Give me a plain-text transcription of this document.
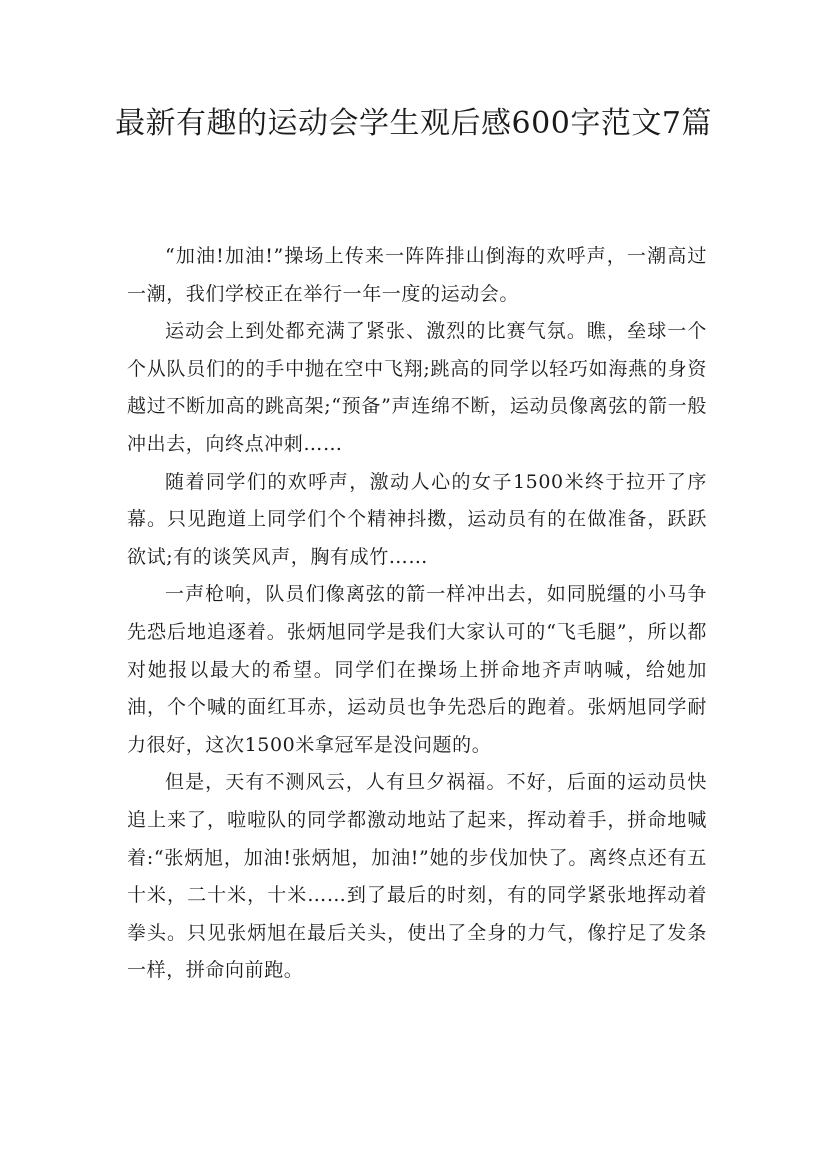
最新有趣的运动会学生观后感600字范文7篇

“加油!加油!”操场上传来一阵阵排山倒海的欢呼声，一潮高过一潮，我们学校正在举行一年一度的运动会。

运动会上到处都充满了紧张、激烈的比赛气氛。瞧，垒球一个个从队员们的的手中抛在空中飞翔;跳高的同学以轻巧如海燕的身资越过不断加高的跳高架;“预备”声连绵不断，运动员像离弦的箭一般冲出去，向终点冲刺……

随着同学们的欢呼声，激动人心的女子1500米终于拉开了序幕。只见跑道上同学们个个精神抖擞，运动员有的在做准备，跃跃欲试;有的谈笑风声，胸有成竹……

一声枪响，队员们像离弦的箭一样冲出去，如同脱缰的小马争先恐后地追逐着。张炳旭同学是我们大家认可的“飞毛腿”，所以都对她报以最大的希望。同学们在操场上拼命地齐声呐喊，给她加油，个个喊的面红耳赤，运动员也争先恐后的跑着。张炳旭同学耐力很好，这次1500米拿冠军是没问题的。

但是，天有不测风云，人有旦夕祸福。不好，后面的运动员快追上来了，啦啦队的同学都激动地站了起来，挥动着手，拼命地喊着:“张炳旭，加油!张炳旭，加油!”她的步伐加快了。离终点还有五十米，二十米，十米……到了最后的时刻，有的同学紧张地挥动着拳头。只见张炳旭在最后关头，使出了全身的力气，像拧足了发条一样，拼命向前跑。
